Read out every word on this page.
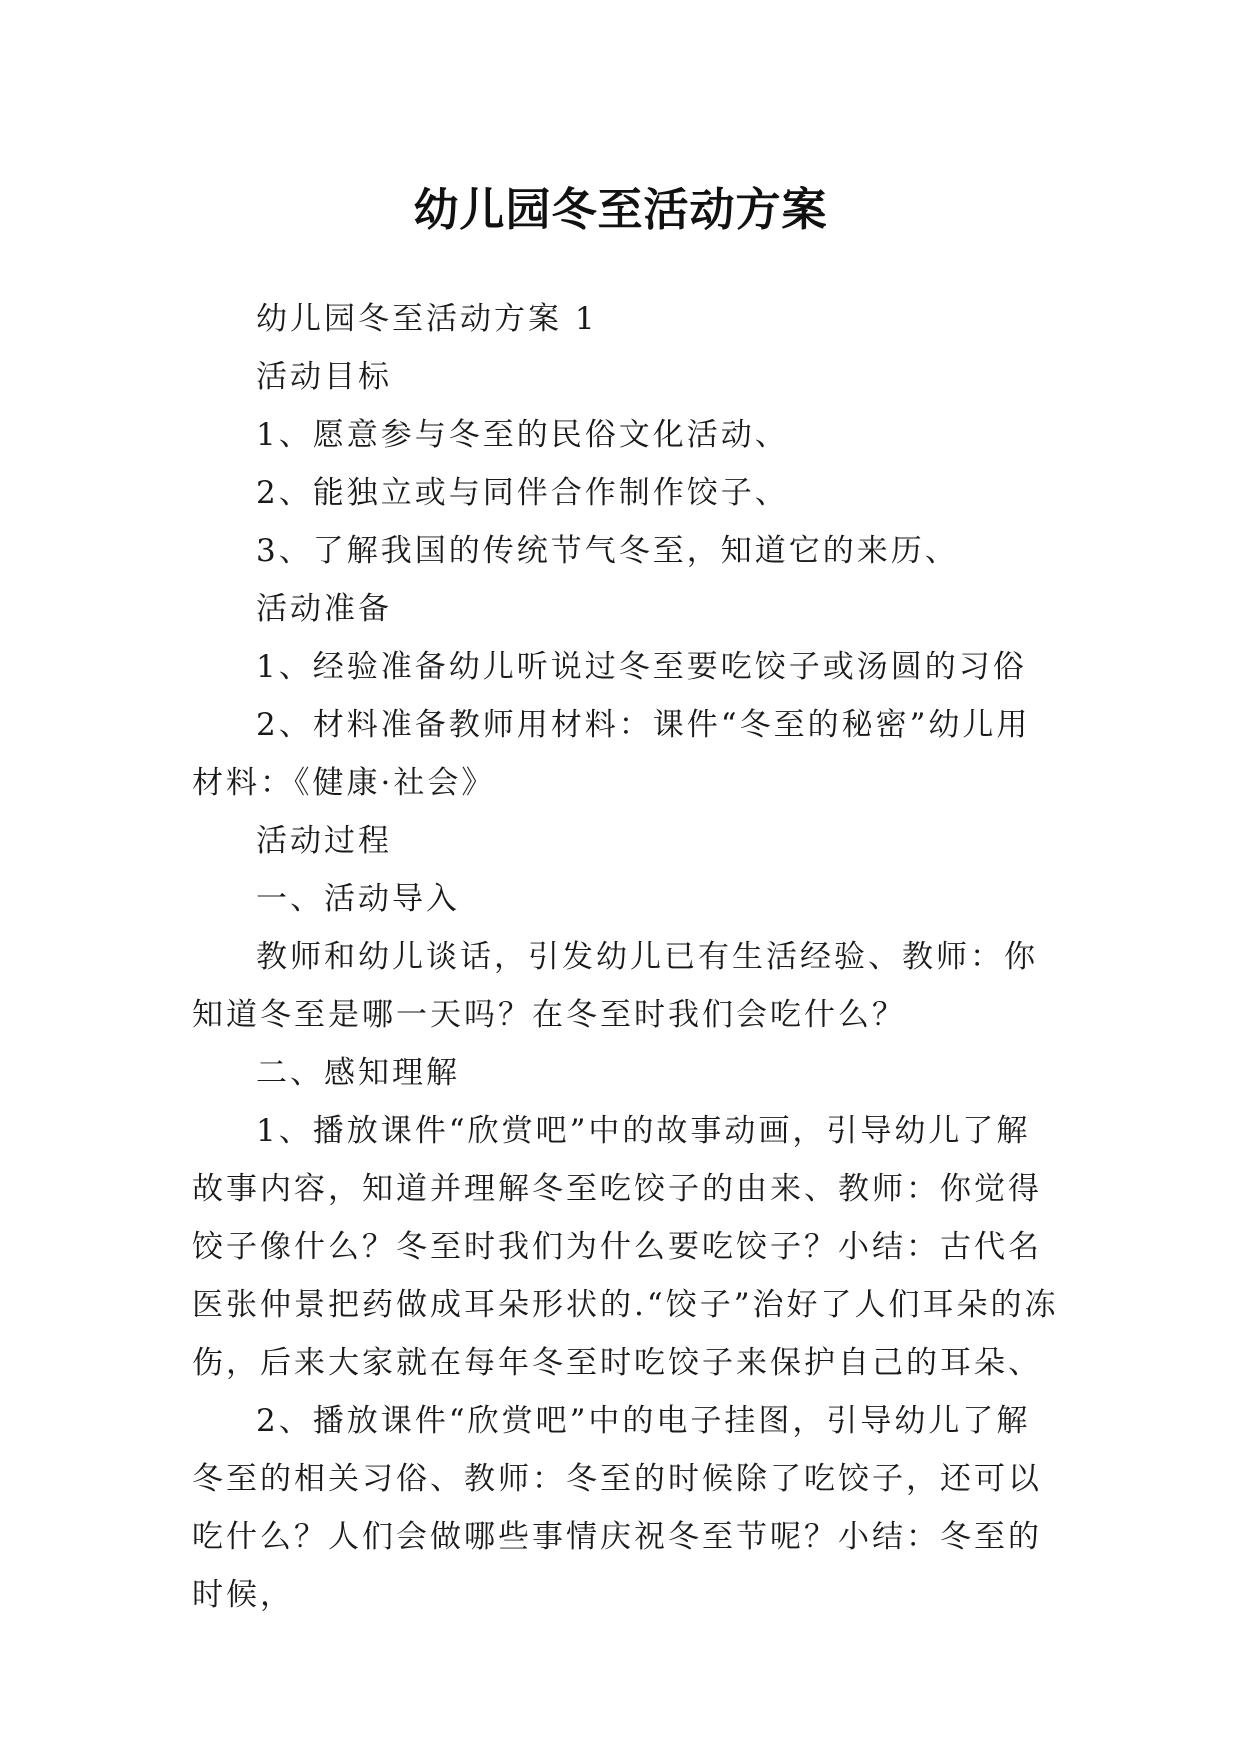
幼儿园冬至活动方案

幼儿园冬至活动方案 1

活动目标

1、愿意参与冬至的民俗文化活动、

2、能独立或与同伴合作制作饺子、

3、了解我国的传统节气冬至，知道它的来历、

活动准备

1、经验准备幼儿听说过冬至要吃饺子或汤圆的习俗

2、材料准备教师用材料：课件“冬至的秘密”幼儿用材料：《健康·社会》

活动过程

一、活动导入

教师和幼儿谈话，引发幼儿已有生活经验、教师：你知道冬至是哪一天吗？在冬至时我们会吃什么？

二、感知理解

1、播放课件“欣赏吧”中的故事动画，引导幼儿了解故事内容，知道并理解冬至吃饺子的由来、教师：你觉得饺子像什么？冬至时我们为什么要吃饺子？小结：古代名医张仲景把药做成耳朵形状的.“饺子”治好了人们耳朵的冻伤，后来大家就在每年冬至时吃饺子来保护自己的耳朵、

2、播放课件“欣赏吧”中的电子挂图，引导幼儿了解冬至的相关习俗、教师：冬至的时候除了吃饺子，还可以吃什么？人们会做哪些事情庆祝冬至节呢？小结：冬至的时候，
